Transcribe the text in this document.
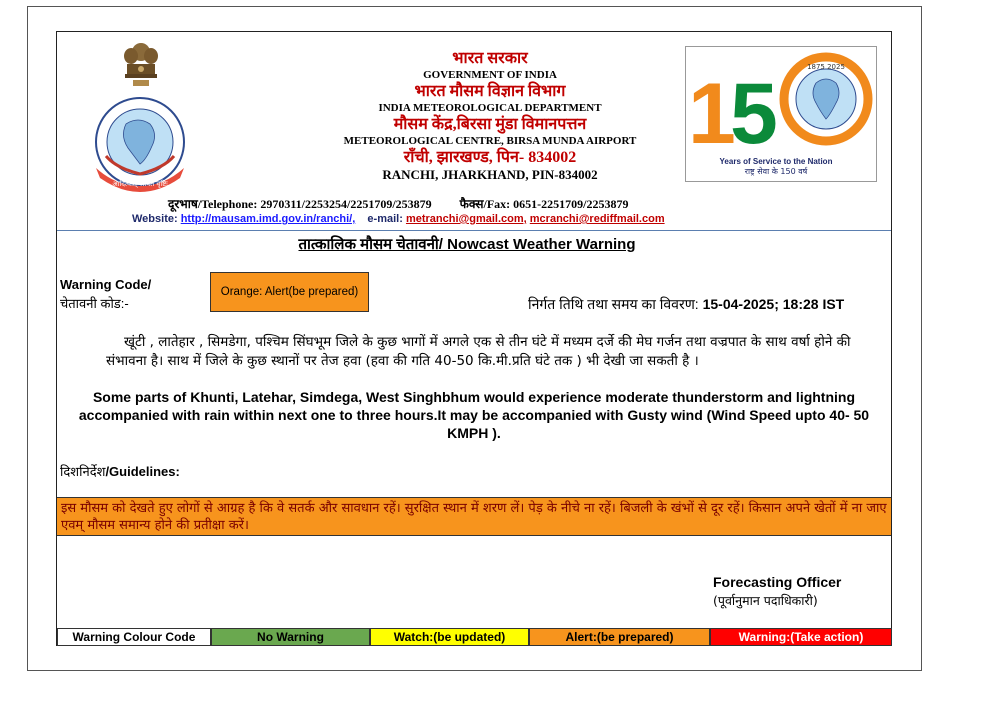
आदित्यात् जायते वृष्टिः
भारत सरकार
GOVERNMENT OF INDIA
भारत मौसम विज्ञान विभाग
INDIA METEOROLOGICAL DEPARTMENT
मौसम केंद्र,बिरसा मुंडा विमानपत्तन
METEOROLOGICAL CENTRE, BIRSA MUNDA AIRPORT
राँची, झारखण्ड, पिन- 834002
RANCHI, JHARKHAND, PIN-834002
दूरभाष/Telephone: 2970311/2253254/2251709/253879 फैक्स/Fax: 0651-2251709/2253879
Website: http://mausam.imd.gov.in/ranchi/, e-mail: metranchi@gmail.com, mcranchi@rediffmail.com
1
5	1875 2025
Years of Service to the Nation
राष्ट्र सेवा के 150 वर्ष
तात्कालिक मौसम चेतावनी/ Nowcast Weather Warning
Warning Code/
चेतावनी कोड:-
Orange: Alert(be prepared)
निर्गत तिथि तथा समय का विवरण: 15-04-2025; 18:28 IST
खूंटी , लातेहार , सिमडेगा, पश्चिम सिंघभूम जिले के कुछ भागों में अगले एक से तीन घंटे में मध्यम दर्जे की मेघ गर्जन तथा वज्रपात के साथ वर्षा होने की संभावना है। साथ में जिले के कुछ स्थानों पर तेज हवा (हवा की गति 40-50 कि.मी.प्रति घंटे तक ) भी देखी जा सकती है ।
Some parts of Khunti, Latehar, Simdega, West Singhbhum would experience moderate thunderstorm and lightning accompanied with rain within next one to three hours.It may be accompanied with Gusty wind (Wind Speed upto 40- 50 KMPH ).
दिशनिर्देश/Guidelines:
इस मौसम को देखते हुए लोगों से आग्रह है कि वे सतर्क और सावधान रहें। सुरक्षित स्थान में शरण लें। पेड़ के नीचे ना रहें। बिजली के खंभों से दूर रहें। किसान अपने खेतों में ना जाए एवम् मौसम समान्य होने की प्रतीक्षा करें।
Forecasting Officer
(पूर्वानुमान पदाधिकारी)
Warning Colour Code	No Warning	Watch:(be updated)	Alert:(be prepared)	Warning:(Take action)
